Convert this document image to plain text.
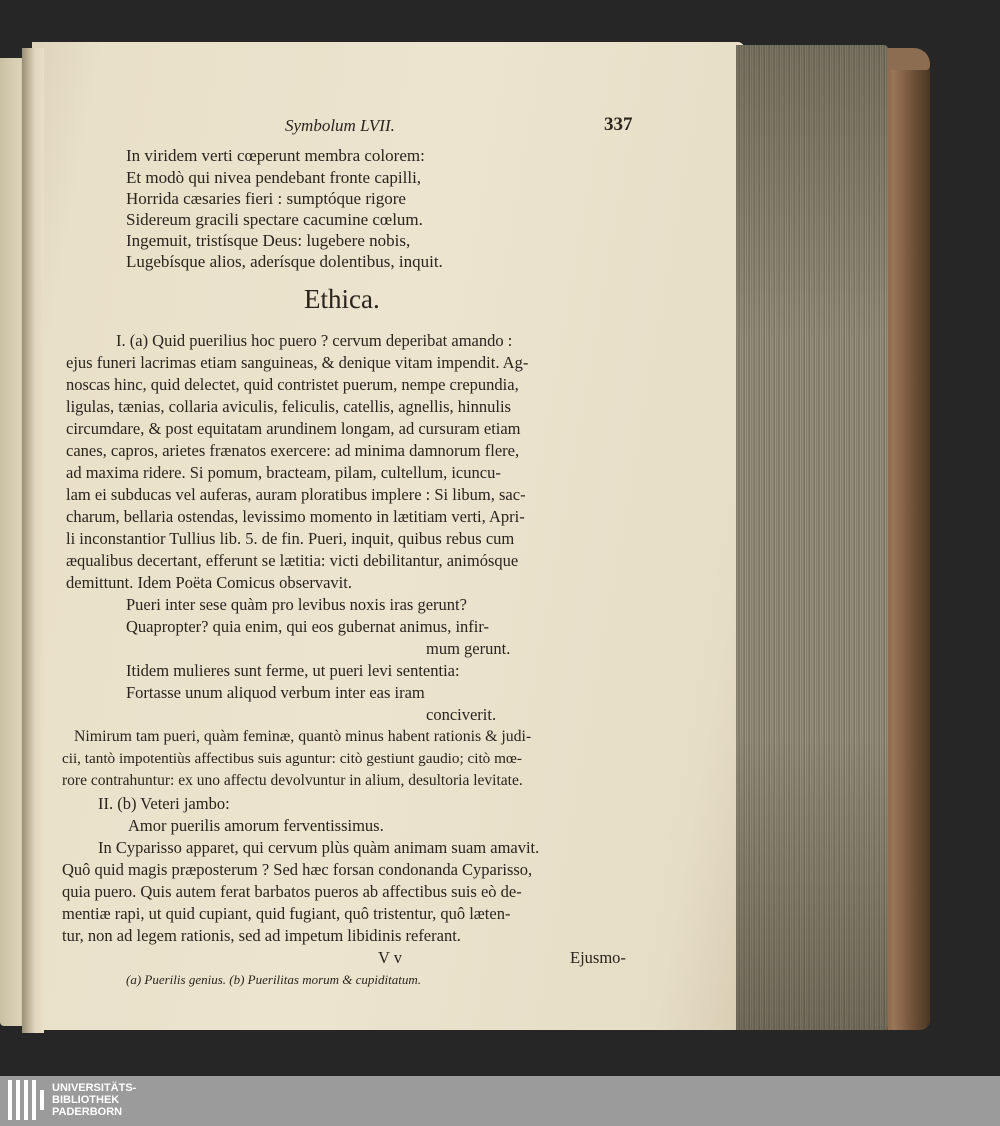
Symbolum LVII.	337
In viridem verti cœperunt membra colorem:
Et modò qui nivea pendebant fronte capilli,
Horrida cæsaries fieri : sumptóque rigore
Sidereum gracili spectare cacumine cœlum.
Ingemuit, tristísque Deus: lugebere nobis,
Lugebísque alios, aderísque dolentibus, inquit.
Ethica.
I. (a) Quid puerilius hoc puero ? cervum deperibat amando :
ejus funeri lacrimas etiam sanguineas, & denique vitam impendit. Ag-
noscas hinc, quid delectet, quid contristet puerum, nempe crepundia,
ligulas, tænias, collaria aviculis, feliculis, catellis, agnellis, hinnulis
circumdare, & post equitatam arundinem longam, ad cursuram etiam
canes, capros, arietes frænatos exercere: ad minima damnorum flere,
ad maxima ridere. Si pomum, bracteam, pilam, cultellum, icuncu-
lam ei subducas vel auferas, auram ploratibus implere : Si libum, sac-
charum, bellaria ostendas, levissimo momento in lætitiam verti, Apri-
li inconstantior Tullius lib. 5. de fin. Pueri, inquit, quibus rebus cum
æqualibus decertant, efferunt se lætitia: victi debilitantur, animósque
demittunt. Idem Poëta Comicus observavit.
Pueri inter sese quàm pro levibus noxis iras gerunt?
Quapropter? quia enim, qui eos gubernat animus, infir-
mum gerunt.
Itidem mulieres sunt ferme, ut pueri levi sententia:
Fortasse unum aliquod verbum inter eas iram
conciverit.
Nimirum tam pueri, quàm feminæ, quantò minus habent rationis & judi-
cii, tantò impotentiùs affectibus suis aguntur: citò gestiunt gaudio; citò mœ-
rore contrahuntur: ex uno affectu devolvuntur in alium, desultoria levitate.
II. (b) Veteri jambo:
Amor puerilis amorum ferventissimus.
In Cyparisso apparet, qui cervum plùs quàm animam suam amavit.
Quô quid magis præposterum ? Sed hæc forsan condonanda Cyparisso,
quia puero. Quis autem ferat barbatos pueros ab affectibus suis eò de-
mentiæ rapi, ut quid cupiant, quid fugiant, quô tristentur, quô læten-
tur, non ad legem rationis, sed ad impetum libidinis referant.
V v	Ejusmo-
(a) Puerilis genius. (b) Puerilitas morum & cupiditatum.
UNIVERSITÄTS-
BIBLIOTHEK
PADERBORN
